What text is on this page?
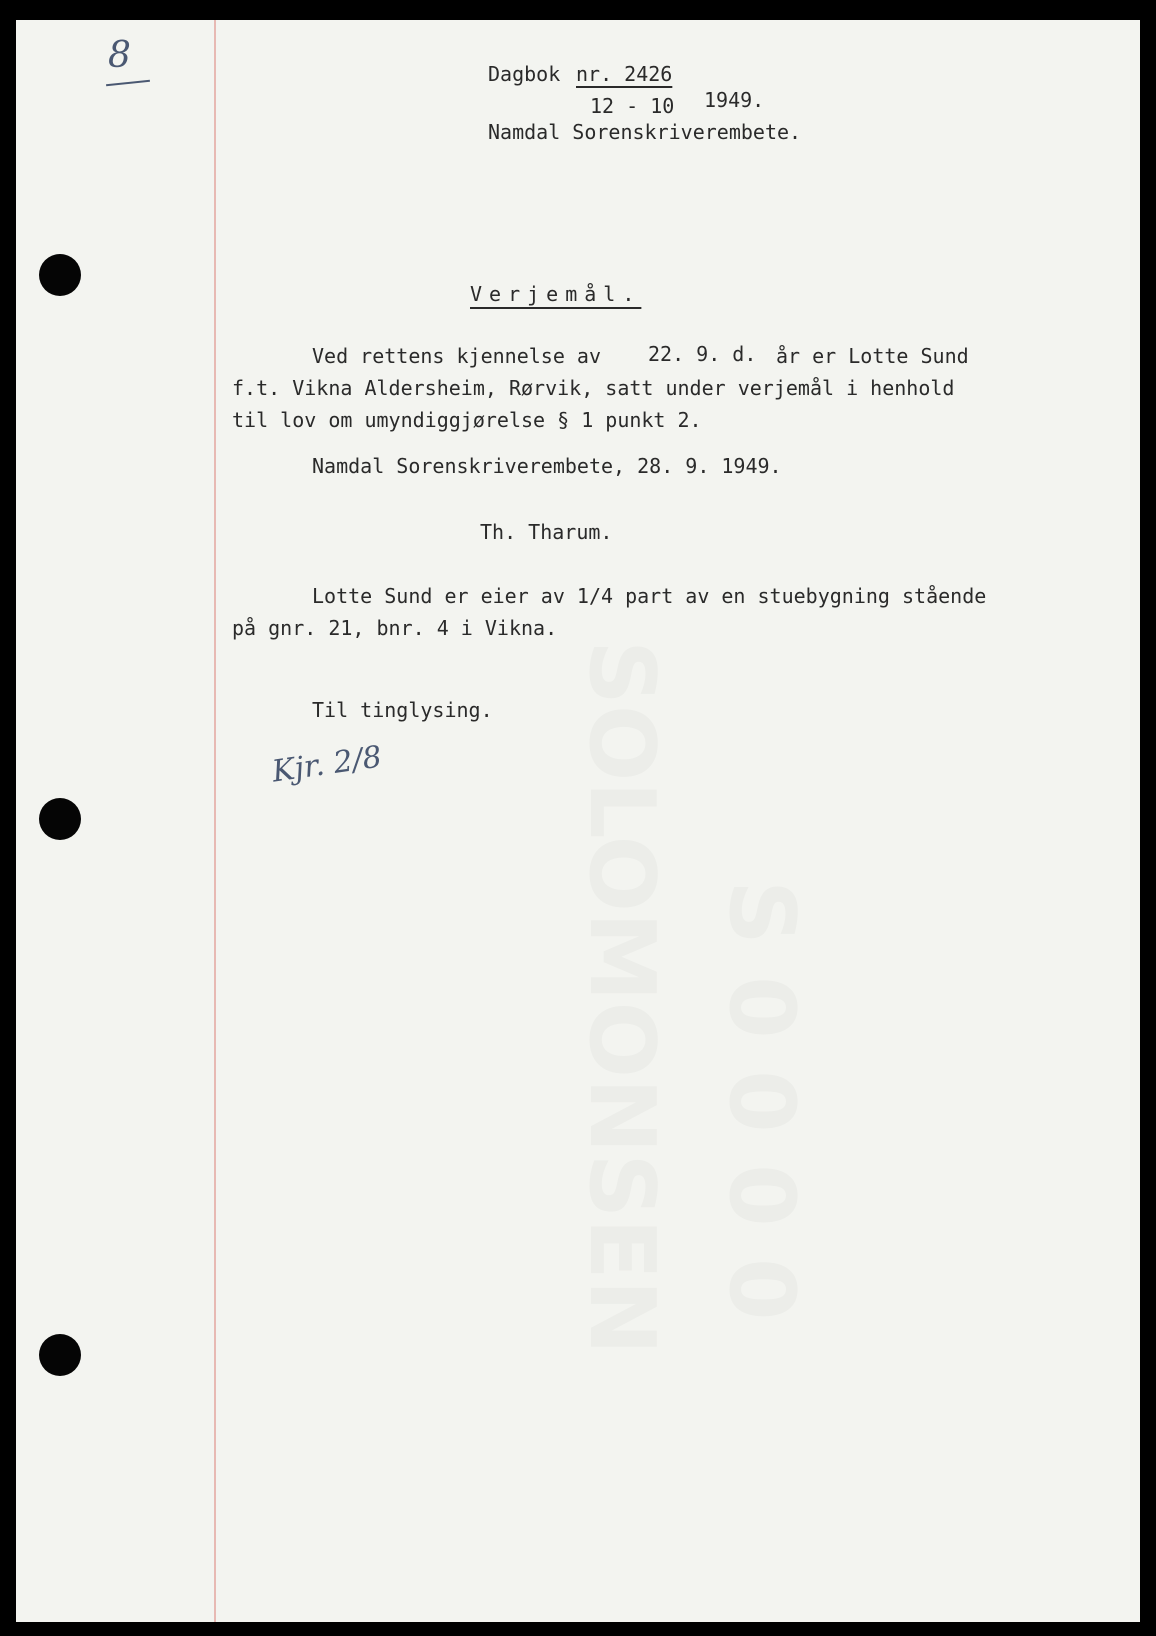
SOLOMONSEN S 0 0 0 0
8	Dagbok nr. 2426
12 - 10 1949.
Namdal Sorenskriverembete.
Verjemål.
Ved rettens kjennelse av 22. 9. d. år er Lotte Sund
f.t. Vikna Aldersheim, Rørvik, satt under verjemål i henhold
til lov om umyndiggjørelse § 1 punkt 2.
Namdal Sorenskriverembete, 28. 9. 1949.
Th. Tharum.
Lotte Sund er eier av 1/4 part av en stuebygning stående
på gnr. 21, bnr. 4 i Vikna.
Til tinglysing.
Kjr. 2/8
